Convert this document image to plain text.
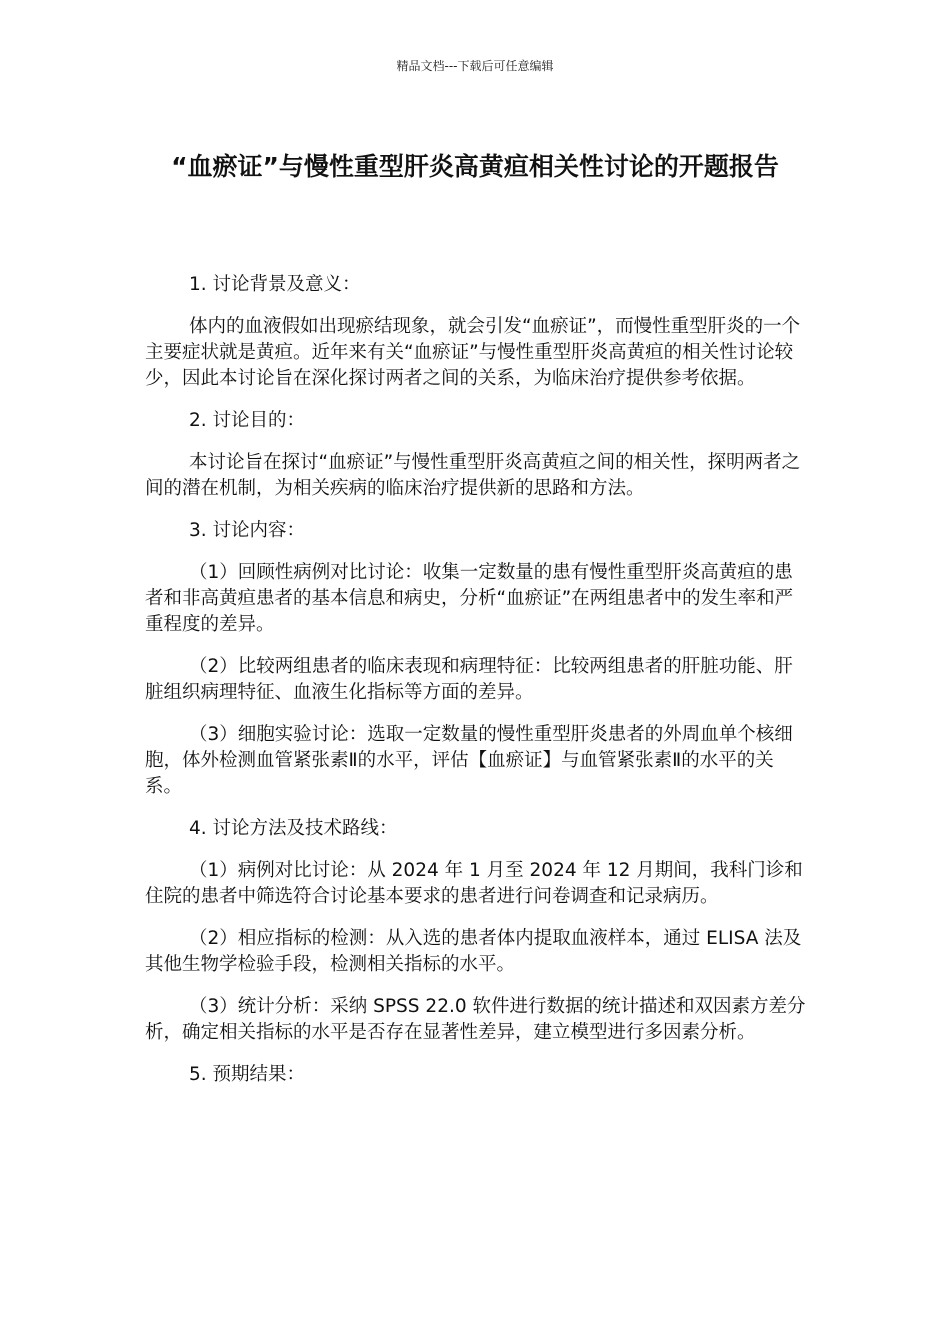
精品文档---下载后可任意编辑
“血瘀证”与慢性重型肝炎高黄疸相关性讨论的开题报告

1. 讨论背景及意义：

体内的血液假如出现瘀结现象，就会引发“血瘀证”，而慢性重型肝炎的一个主要症状就是黄疸。近年来有关“血瘀证”与慢性重型肝炎高黄疸的相关性讨论较少，因此本讨论旨在深化探讨两者之间的关系，为临床治疗提供参考依据。

2. 讨论目的：

本讨论旨在探讨“血瘀证”与慢性重型肝炎高黄疸之间的相关性，探明两者之间的潜在机制，为相关疾病的临床治疗提供新的思路和方法。

3. 讨论内容：

（1）回顾性病例对比讨论：收集一定数量的患有慢性重型肝炎高黄疸的患者和非高黄疸患者的基本信息和病史，分析“血瘀证”在两组患者中的发生率和严重程度的差异。

（2）比较两组患者的临床表现和病理特征：比较两组患者的肝脏功能、肝脏组织病理特征、血液生化指标等方面的差异。

（3）细胞实验讨论：选取一定数量的慢性重型肝炎患者的外周血单个核细胞，体外检测血管紧张素Ⅱ的水平，评估【血瘀证】与血管紧张素Ⅱ的水平的关系。

4. 讨论方法及技术路线：

（1）病例对比讨论：从 2024 年 1 月至 2024 年 12 月期间，我科门诊和住院的患者中筛选符合讨论基本要求的患者进行问卷调查和记录病历。

（2）相应指标的检测：从入选的患者体内提取血液样本，通过 ELISA 法及其他生物学检验手段，检测相关指标的水平。

（3）统计分析：采纳 SPSS 22.0 软件进行数据的统计描述和双因素方差分析，确定相关指标的水平是否存在显著性差异，建立模型进行多因素分析。

5. 预期结果：
